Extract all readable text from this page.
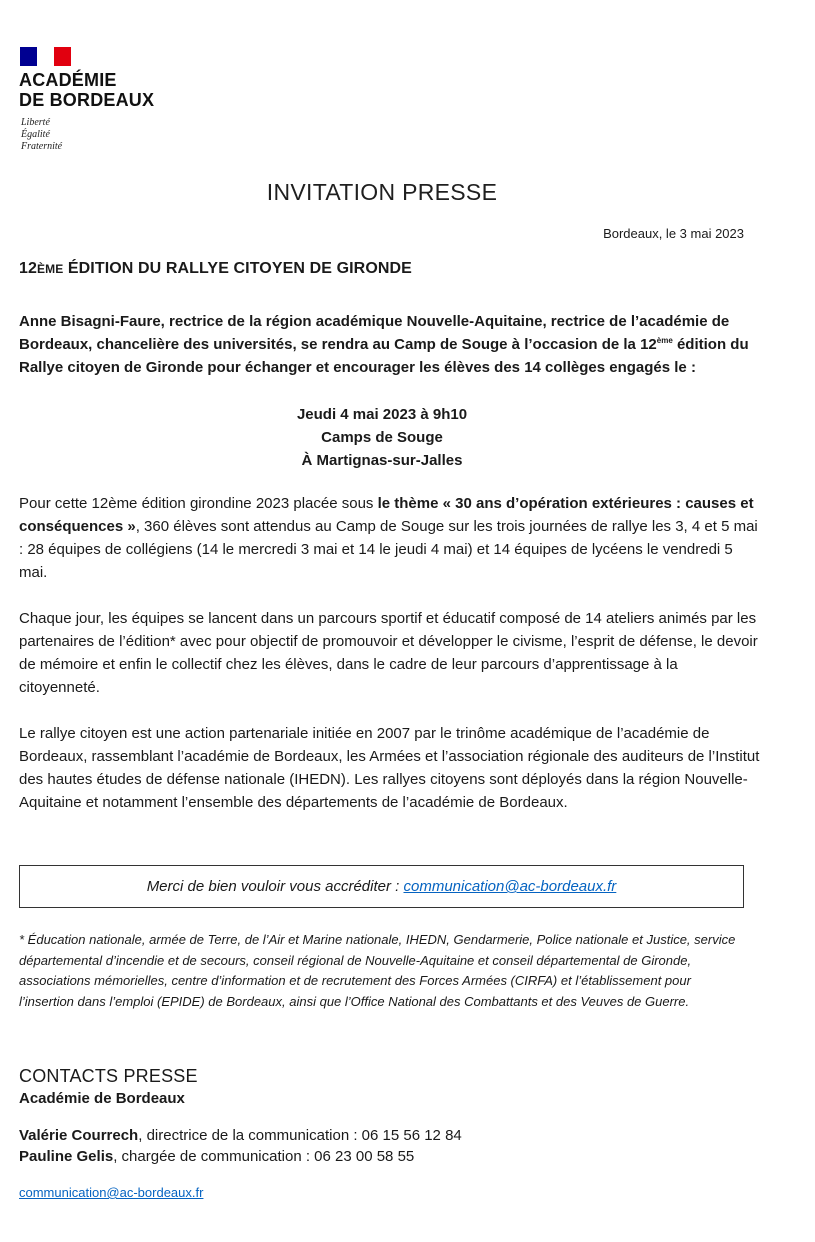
ACADÉMIE
DE BORDEAUX
Liberté
Égalité
Fraternité
INVITATION PRESSE
Bordeaux, le 3 mai 2023
12ÈME ÉDITION DU RALLYE CITOYEN DE GIRONDE

Anne Bisagni-Faure, rectrice de la région académique Nouvelle-Aquitaine, rectrice de l’académie de Bordeaux, chancelière des universités, se rendra au Camp de Souge à l’occasion de la 12ème édition du Rallye citoyen de Gironde pour échanger et encourager les élèves des 14 collèges engagés le :

Jeudi 4 mai 2023 à 9h10
Camps de Souge
À Martignas-sur-Jalles

Pour cette 12ème édition girondine 2023 placée sous le thème « 30 ans d’opération extérieures : causes et conséquences », 360 élèves sont attendus au Camp de Souge sur les trois journées de rallye les 3, 4 et 5 mai : 28 équipes de collégiens (14 le mercredi 3 mai et 14 le jeudi 4 mai) et 14 équipes de lycéens le vendredi 5 mai.

Chaque jour, les équipes se lancent dans un parcours sportif et éducatif composé de 14 ateliers animés par les partenaires de l’édition* avec pour objectif de promouvoir et développer le civisme, l’esprit de défense, le devoir de mémoire et enfin le collectif chez les élèves, dans le cadre de leur parcours d’apprentissage à la citoyenneté.

Le rallye citoyen est une action partenariale initiée en 2007 par le trinôme académique de l’académie de Bordeaux, rassemblant l’académie de Bordeaux, les Armées et l’association régionale des auditeurs de l’Institut des hautes études de défense nationale (IHEDN). Les rallyes citoyens sont déployés dans la région Nouvelle-Aquitaine et notamment l’ensemble des départements de l’académie de Bordeaux.

Merci de bien vouloir vous accréditer :
communication@ac-bordeaux.fr
* Éducation nationale, armée de Terre, de l’Air et Marine nationale, IHEDN, Gendarmerie, Police nationale et Justice, service départemental d’incendie et de secours, conseil régional de Nouvelle-Aquitaine et conseil départemental de Gironde, associations mémorielles, centre d’information et de recrutement des Forces Armées (CIRFA) et l’établissement pour l’insertion dans l’emploi (EPIDE) de Bordeaux, ainsi que l’Office National des Combattants et des Veuves de Guerre.
CONTACTS PRESSE
Académie de Bordeaux
Valérie Courrech, directrice de la communication : 06 15 56 12 84
Pauline Gelis, chargée de communication : 06 23 00 58 55
communication@ac-bordeaux.fr
